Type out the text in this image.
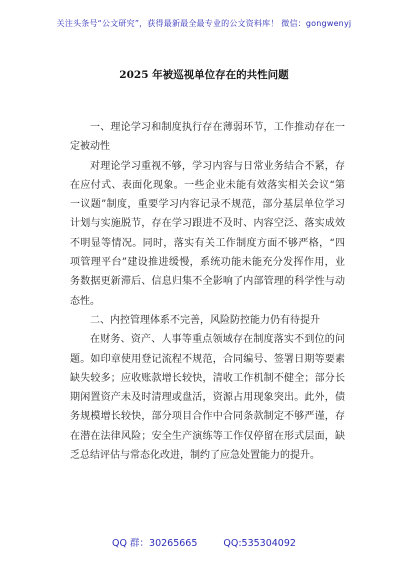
关注头条号“公文研究”，获得最新最全最专业的公文资料库！ 微信：gongwenyj
2025 年被巡视单位存在的共性问题

一、理论学习和制度执行存在薄弱环节，工作推动存在一定被动性

对理论学习重视不够，学习内容与日常业务结合不紧，存在应付式、表面化现象。一些企业未能有效落实相关会议“第一议题”制度，重要学习内容记录不规范，部分基层单位学习计划与实施脱节，存在学习跟进不及时、内容空泛、落实成效不明显等情况。同时，落实有关工作制度方面不够严格，“四项管理平台”建设推进缓慢，系统功能未能充分发挥作用，业务数据更新滞后、信息归集不全影响了内部管理的科学性与动态性。

二、内控管理体系不完善，风险防控能力仍有待提升

在财务、资产、人事等重点领域存在制度落实不到位的问题。如印章使用登记流程不规范，合同编号、签署日期等要素缺失较多；应收账款增长较快，清收工作机制不健全；部分长期闲置资产未及时清理或盘活，资源占用现象突出。此外，债务规模增长较快，部分项目合作中合同条款制定不够严谨，存在潜在法律风险；安全生产演练等工作仅停留在形式层面，缺乏总结评估与常态化改进，制约了应急处置能力的提升。

QQ 群：30265665	QQ:535304092
